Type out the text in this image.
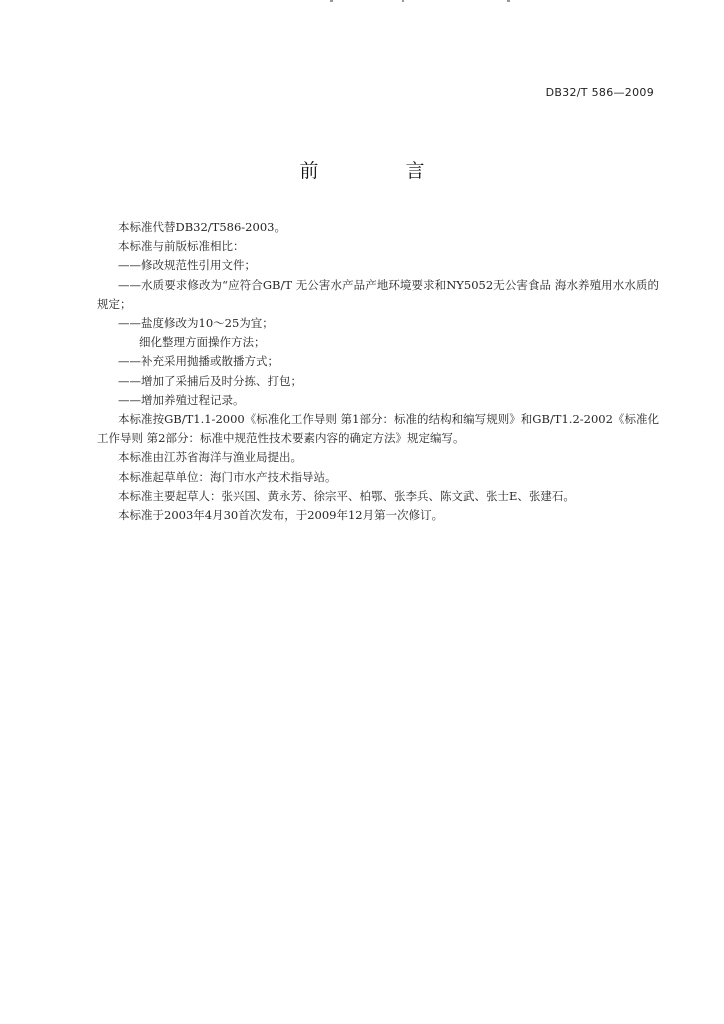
DB32/T 586—2009
前　言

本标准代替DB32/T586-2003。

本标准与前版标准相比：

——修改规范性引用文件；

——水质要求修改为“应符合GB/T 无公害水产品产地环境要求和NY5052无公害食品 海水养殖用水水质的规定；

——盐度修改为10～25为宜；

细化整理方面操作方法；

——补充采用抛播或散播方式；

——增加了采捕后及时分拣、打包；

——增加养殖过程记录。

本标准按GB/T1.1-2000《标准化工作导则 第1部分：标准的结构和编写规则》和GB/T1.2-2002《标准化工作导则 第2部分：标准中规范性技术要素内容的确定方法》规定编写。

本标准由江苏省海洋与渔业局提出。

本标准起草单位：海门市水产技术指导站。

本标准主要起草人：张兴国、黄永芳、徐宗平、柏鄂、张李兵、陈文武、张士E、张建石。

本标准于2003年4月30首次发布，于2009年12月第一次修订。
